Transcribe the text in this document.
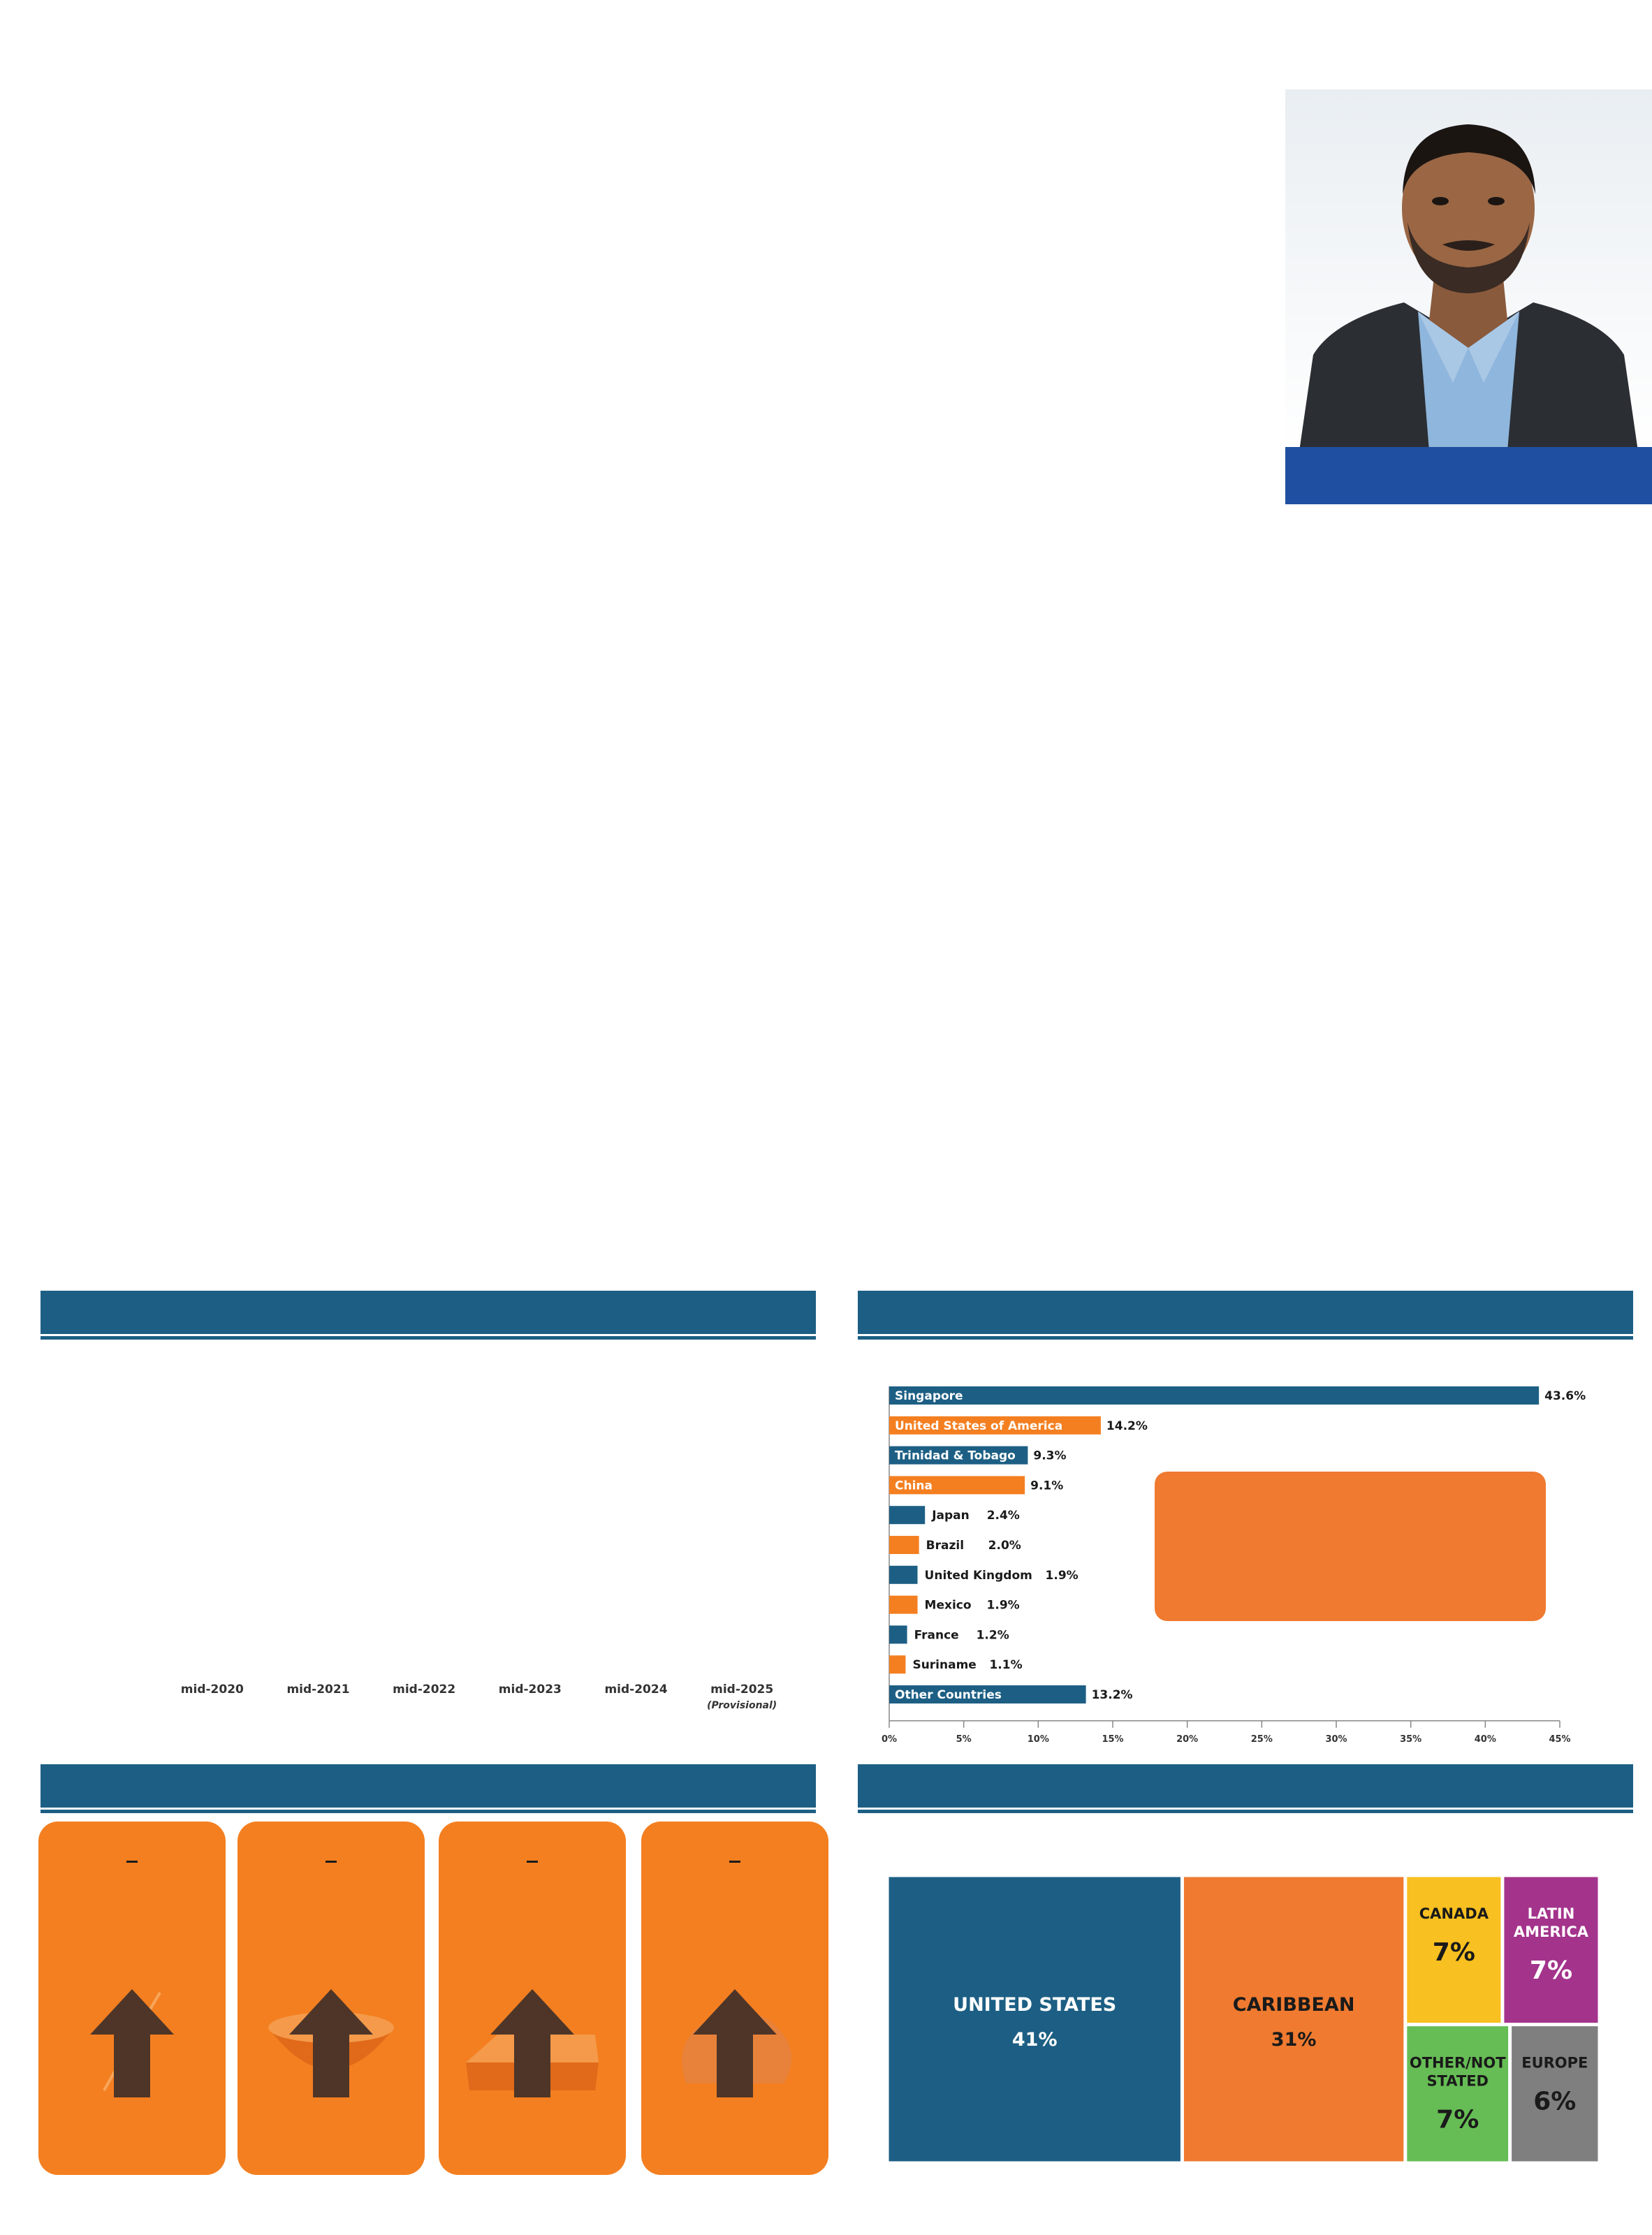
mid-2020	mid-2021	mid-2022	mid-2023	mid-2024	mid-2025
(Provisional)
Singapore	43.6%
United States of America	14.2%
Trinidad & Tobago 9.3%
China	9.1%
Japan 2.4%
Brazil 2.0%
United Kingdom 1.9%
Mexico 1.9%
France 1.2%
Suriname 1.1%
Other Countries	13.2%
0%	5%	10%	15%	20%	25%	30%	35%	40%	45%
UNITED STATES
41%
CARIBBEAN
31%
CANADA
7%
LATIN
AMERICA
7%
OTHER/NOT
STATED
7%
EUROPE
6%
